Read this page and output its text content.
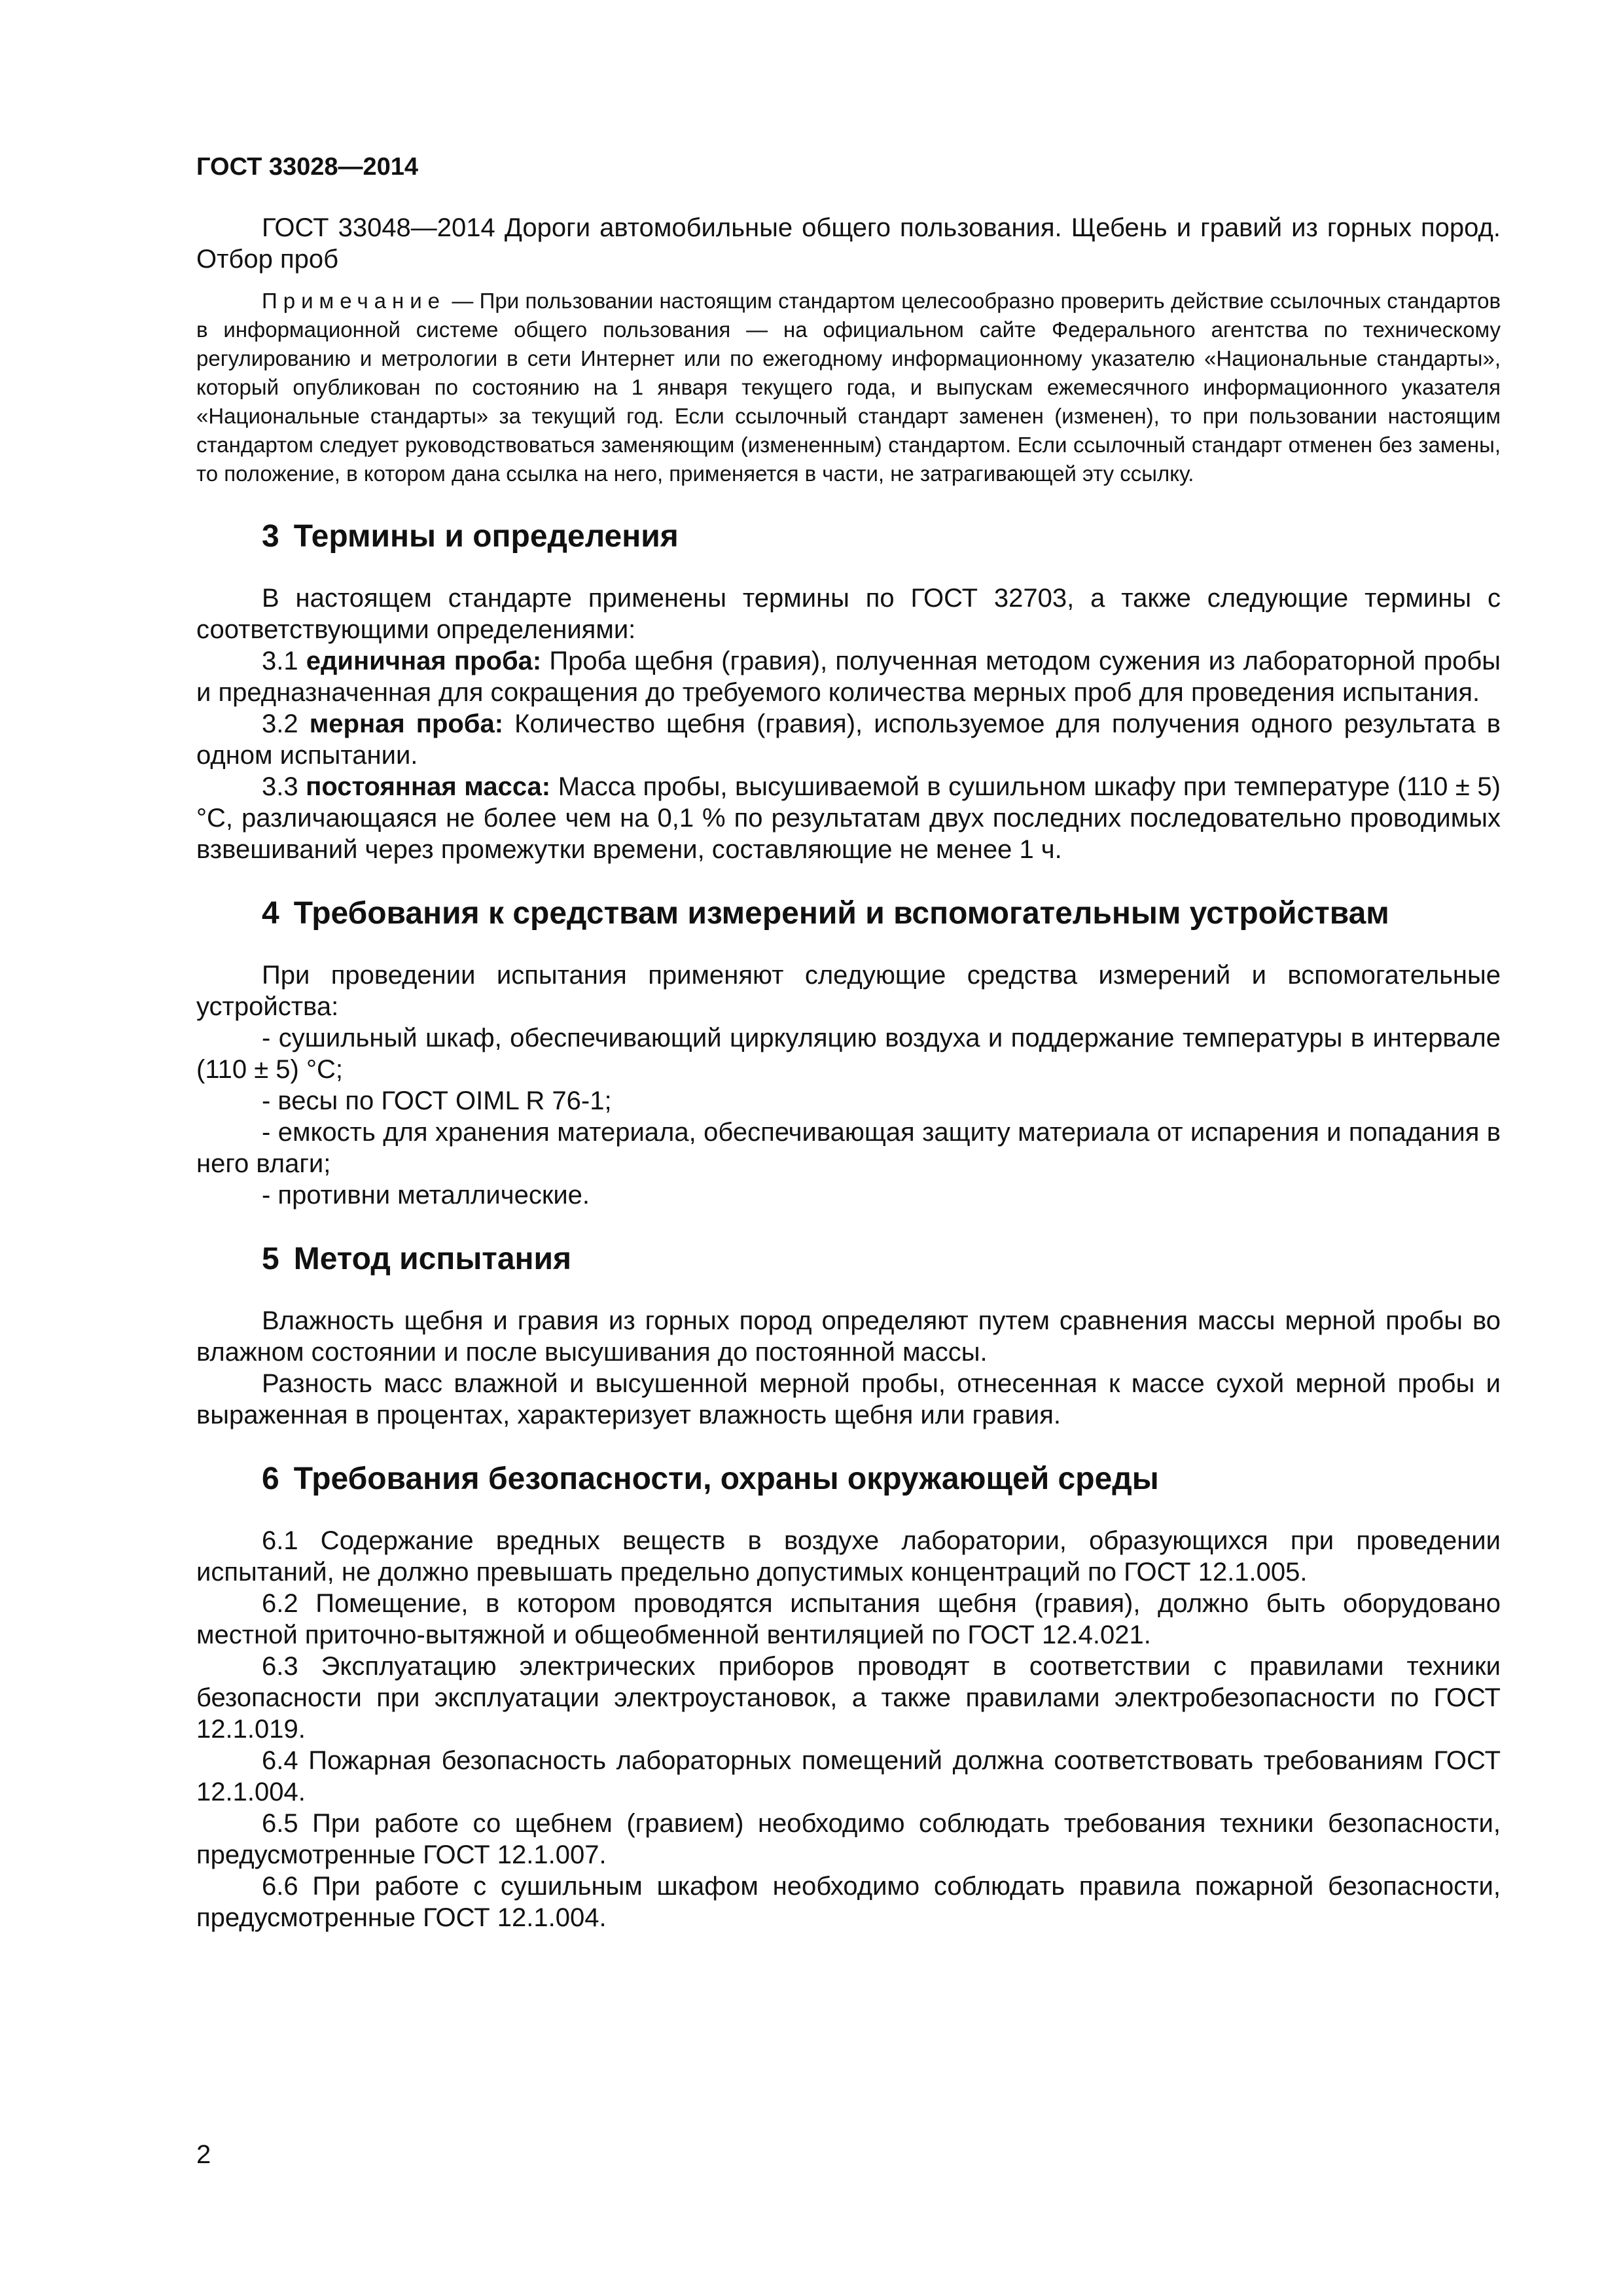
ГОСТ 33028—2014

ГОСТ 33048—2014 Дороги автомобильные общего пользования. Щебень и гравий из горных пород. Отбор проб

Примечание — При пользовании настоящим стандартом целесообразно проверить действие ссылочных стандартов в информационной системе общего пользования — на официальном сайте Федерального агентства по техническому регулированию и метрологии в сети Интернет или по ежегодному информационному указателю «Национальные стандарты», который опубликован по состоянию на 1 января текущего года, и выпускам ежемесячного информационного указателя «Национальные стандарты» за текущий год. Если ссылочный стандарт заменен (изменен), то при пользовании настоящим стандартом следует руководствоваться заменяющим (измененным) стандартом. Если ссылочный стандарт отменен без замены, то положение, в котором дана ссылка на него, применяется в части, не затрагивающей эту ссылку.

3 Термины и определения

В настоящем стандарте применены термины по ГОСТ 32703, а также следующие термины с соответствующими определениями:

3.1 единичная проба: Проба щебня (гравия), полученная методом сужения из лабораторной пробы и предназначенная для сокращения до требуемого количества мерных проб для проведения испытания.

3.2 мерная проба: Количество щебня (гравия), используемое для получения одного результата в одном испытании.

3.3 постоянная масса: Масса пробы, высушиваемой в сушильном шкафу при температуре (110 ± 5) °С, различающаяся не более чем на 0,1 % по результатам двух последних последовательно проводимых взвешиваний через промежутки времени, составляющие не менее 1 ч.

4 Требования к средствам измерений и вспомогательным устройствам

При проведении испытания применяют следующие средства измерений и вспомогательные устройства:

- сушильный шкаф, обеспечивающий циркуляцию воздуха и поддержание температуры в интервале (110 ± 5) °С;

- весы по ГОСТ OIML R 76-1;

- емкость для хранения материала, обеспечивающая защиту материала от испарения и попадания в него влаги;

- противни металлические.

5 Метод испытания

Влажность щебня и гравия из горных пород определяют путем сравнения массы мерной пробы во влажном состоянии и после высушивания до постоянной массы.

Разность масс влажной и высушенной мерной пробы, отнесенная к массе сухой мерной пробы и выраженная в процентах, характеризует влажность щебня или гравия.

6 Требования безопасности, охраны окружающей среды

6.1 Содержание вредных веществ в воздухе лаборатории, образующихся при проведении испытаний, не должно превышать предельно допустимых концентраций по ГОСТ 12.1.005.

6.2 Помещение, в котором проводятся испытания щебня (гравия), должно быть оборудовано местной приточно-вытяжной и общеобменной вентиляцией по ГОСТ 12.4.021.

6.3 Эксплуатацию электрических приборов проводят в соответствии с правилами техники безопасности при эксплуатации электроустановок, а также правилами электробезопасности по ГОСТ 12.1.019.

6.4 Пожарная безопасность лабораторных помещений должна соответствовать требованиям ГОСТ 12.1.004.

6.5 При работе со щебнем (гравием) необходимо соблюдать требования техники безопасности, предусмотренные ГОСТ 12.1.007.

6.6 При работе с сушильным шкафом необходимо соблюдать правила пожарной безопасности, предусмотренные ГОСТ 12.1.004.

2
